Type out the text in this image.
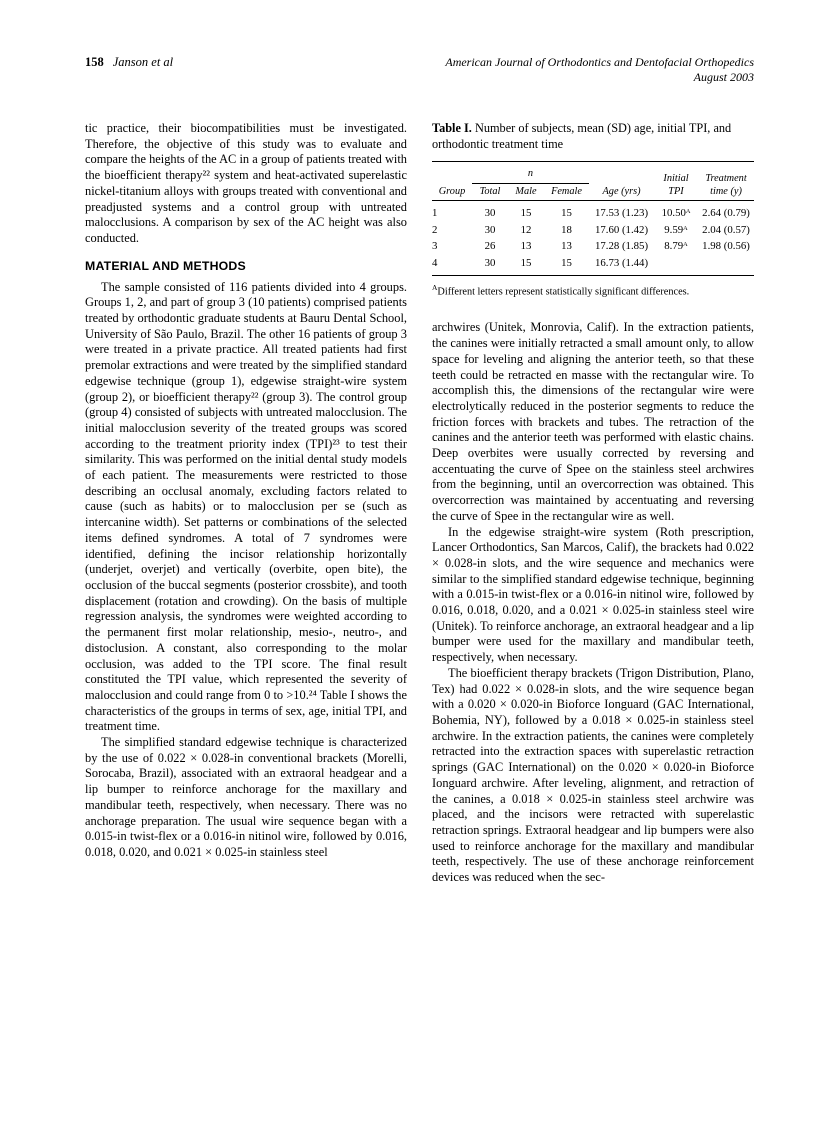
158 Janson et al	American Journal of Orthodontics and Dentofacial Orthopedics
August 2003

tic practice, their biocompatibilities must be investigated. Therefore, the objective of this study was to evaluate and compare the heights of the AC in a group of patients treated with the bioefficient therapy²² system and heat-activated superelastic nickel-titanium alloys with groups treated with conventional and preadjusted systems and a control group with untreated malocclusions. A comparison by sex of the AC height was also conducted.

MATERIAL AND METHODS

The sample consisted of 116 patients divided into 4 groups. Groups 1, 2, and part of group 3 (10 patients) comprised patients treated by orthodontic graduate students at Bauru Dental School, University of São Paulo, Brazil. The other 16 patients of group 3 were treated in a private practice. All treated patients had first premolar extractions and were treated by the simplified standard edgewise technique (group 1), edgewise straight-wire system (group 2), or bioefficient therapy²² (group 3). The control group (group 4) consisted of subjects with untreated malocclusion. The initial malocclusion severity of the treated groups was scored according to the treatment priority index (TPI)²³ to test their similarity. This was performed on the initial dental study models of each patient. The measurements were restricted to those describing an occlusal anomaly, excluding factors related to cause (such as habits) or to malocclusion per se (such as intercanine width). Set patterns or combinations of the selected items defined syndromes. A total of 7 syndromes were identified, defining the incisor relationship horizontally (underjet, overjet) and vertically (overbite, open bite), the occlusion of the buccal segments (posterior crossbite), and tooth displacement (rotation and crowding). On the basis of multiple regression analysis, the syndromes were weighted according to the permanent first molar relationship, mesio-, neutro-, and distoclusion. A constant, also corresponding to the molar occlusion, was added to the TPI score. The final result constituted the TPI value, which represented the severity of malocclusion and could range from 0 to >10.²⁴ Table I shows the characteristics of the groups in terms of sex, age, initial TPI, and treatment time.

The simplified standard edgewise technique is characterized by the use of 0.022 × 0.028-in conventional brackets (Morelli, Sorocaba, Brazil), associated with an extraoral headgear and a lip bumper to reinforce anchorage for the maxillary and mandibular teeth, respectively, when necessary. There was no anchorage preparation. The usual wire sequence began with a 0.015-in twist-flex or a 0.016-in nitinol wire, followed by 0.016, 0.018, 0.020, and 0.021 × 0.025-in stainless steel

Table I. Number of subjects, mean (SD) age, initial TPI, and orthodontic treatment time
Group	n			Age (yrs)	Initial TPI	Treatment time (y)
	Total	Male	Female			
1	30	15	15	17.53 (1.23)	10.50ᴬ	2.64 (0.79)
2	30	12	18	17.60 (1.42)	9.59ᴬ	2.04 (0.57)
3	26	13	13	17.28 (1.85)	8.79ᴬ	1.98 (0.56)
4	30	15	15	16.73 (1.44)		
$^A$Different letters represent statistically significant differences.

archwires (Unitek, Monrovia, Calif). In the extraction patients, the canines were initially retracted a small amount only, to allow space for leveling and aligning the anterior teeth, so that these teeth could be retracted en masse with the rectangular wire. To accomplish this, the dimensions of the rectangular wire were electrolytically reduced in the posterior segments to reduce the friction forces with brackets and tubes. The retraction of the canines and the anterior teeth was performed with elastic chains. Deep overbites were usually corrected by reversing and accentuating the curve of Spee on the stainless steel archwires from the beginning, until an overcorrection was obtained. This overcorrection was maintained by accentuating and reversing the curve of Spee in the rectangular wire as well.

In the edgewise straight-wire system (Roth prescription, Lancer Orthodontics, San Marcos, Calif), the brackets had 0.022 × 0.028-in slots, and the wire sequence and mechanics were similar to the simplified standard edgewise technique, beginning with a 0.015-in twist-flex or a 0.016-in nitinol wire, followed by 0.016, 0.018, 0.020, and a 0.021 × 0.025-in stainless steel wire (Unitek). To reinforce anchorage, an extraoral headgear and a lip bumper were used for the maxillary and mandibular teeth, respectively, when necessary.

The bioefficient therapy brackets (Trigon Distribution, Plano, Tex) had 0.022 × 0.028-in slots, and the wire sequence began with a 0.020 × 0.020-in Bioforce Ionguard (GAC International, Bohemia, NY), followed by a 0.018 × 0.025-in stainless steel archwire. In the extraction patients, the canines were completely retracted into the extraction spaces with superelastic retraction springs (GAC International) on the 0.020 × 0.020-in Bioforce Ionguard archwire. After leveling, alignment, and retraction of the canines, a 0.018 × 0.025-in stainless steel archwire was placed, and the incisors were retracted with superelastic retraction springs. Extraoral headgear and lip bumpers were also used to reinforce anchorage for the maxillary and mandibular teeth, respectively. The use of these anchorage reinforcement devices was reduced when the sec-
